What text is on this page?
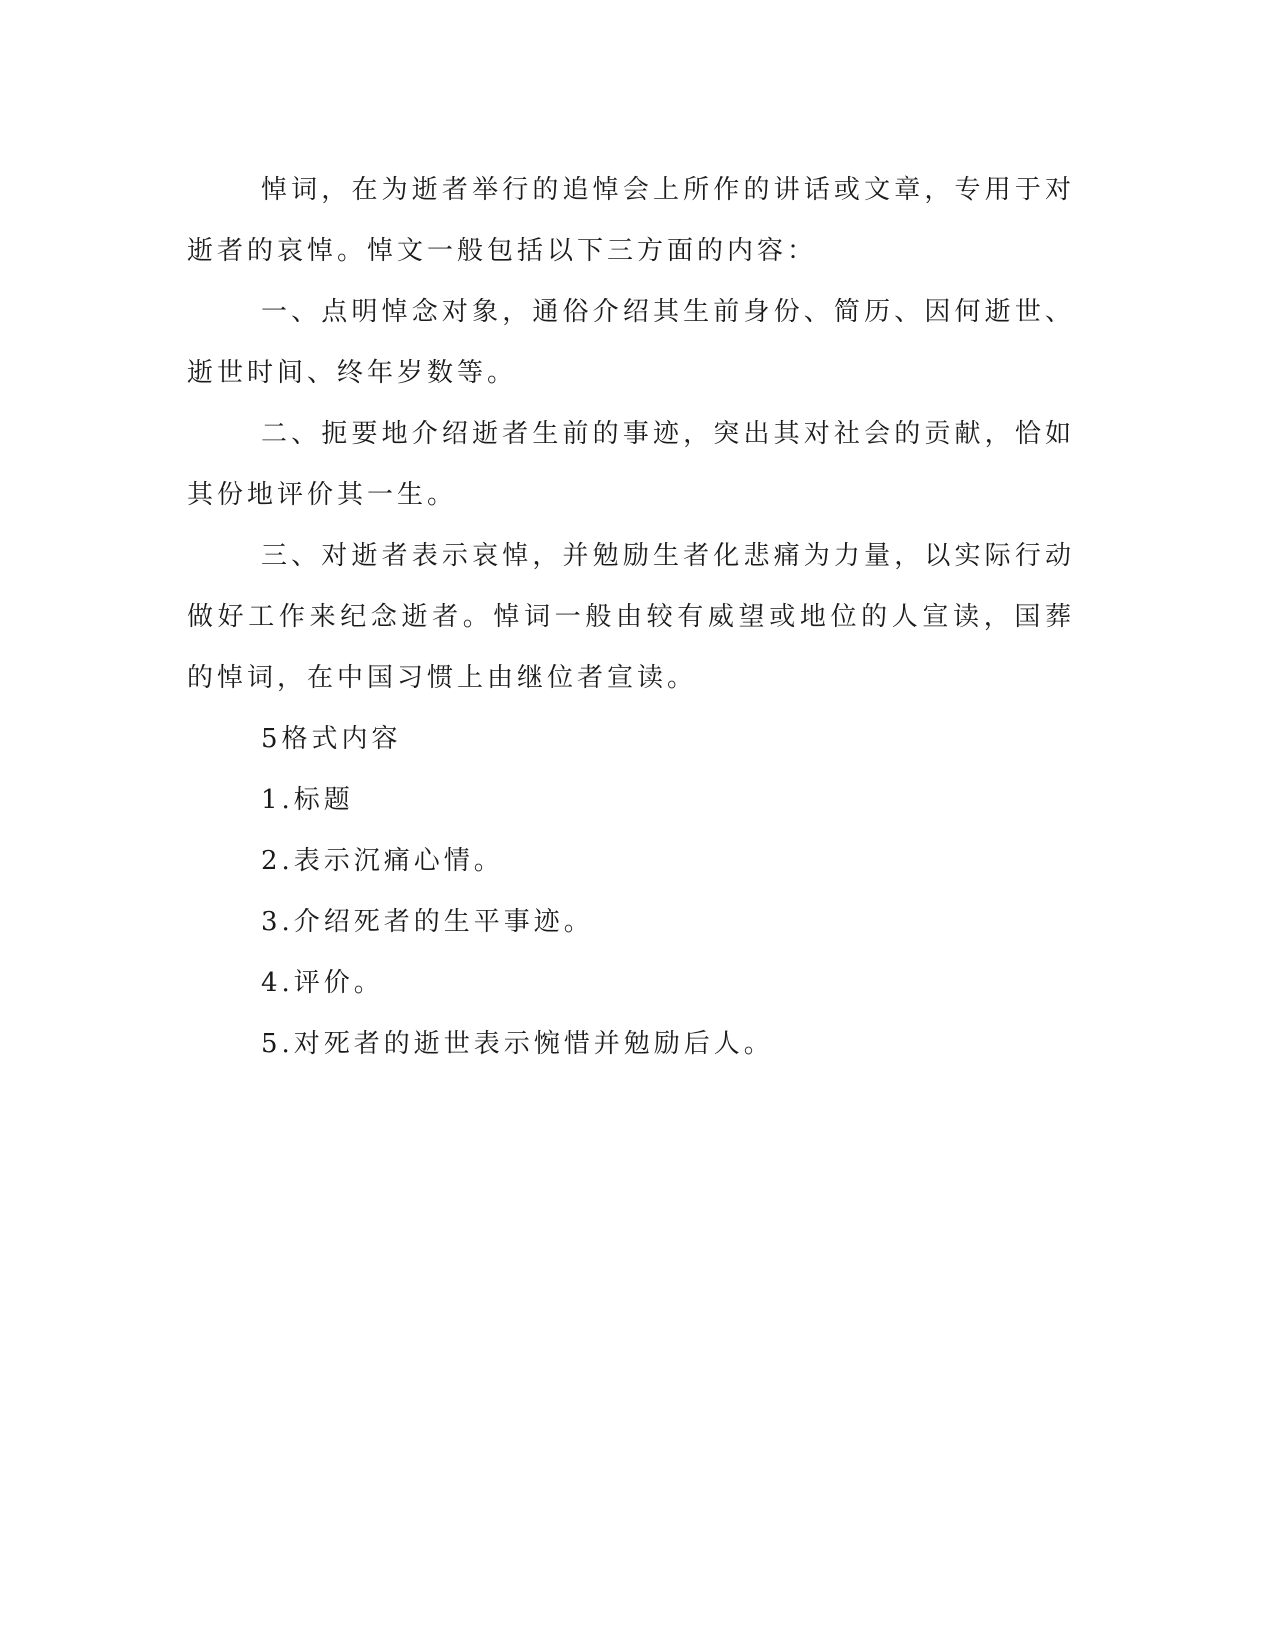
悼词，在为逝者举行的追悼会上所作的讲话或文章，专用于对逝者的哀悼。悼文一般包括以下三方面的内容：

一、点明悼念对象，通俗介绍其生前身份、简历、因何逝世、逝世时间、终年岁数等。

二、扼要地介绍逝者生前的事迹，突出其对社会的贡献，恰如其份地评价其一生。

三、对逝者表示哀悼，并勉励生者化悲痛为力量，以实际行动做好工作来纪念逝者。悼词一般由较有威望或地位的人宣读，国葬的悼词，在中国习惯上由继位者宣读。

5格式内容

1.标题

2.表示沉痛心情。

3.介绍死者的生平事迹。

4.评价。

5.对死者的逝世表示惋惜并勉励后人。
